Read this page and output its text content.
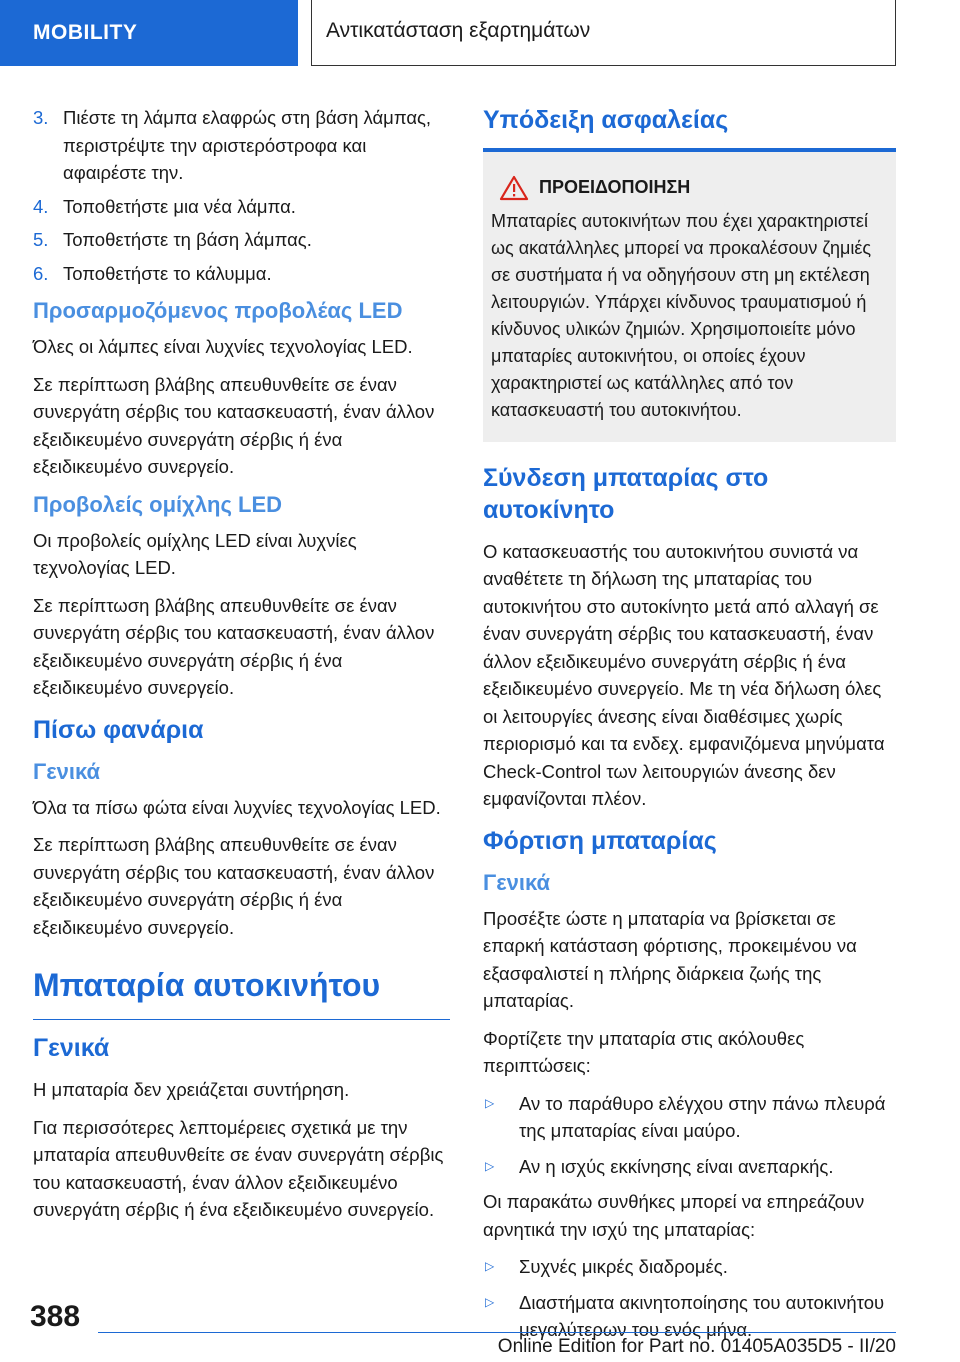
MOBILITY	Αντικατάσταση εξαρτημάτων
3. Πιέστε τη λάμπα ελαφρώς στη βάση λάμπας, περιστρέψτε την αριστερόστροφα και αφαιρέστε την.
4. Τοποθετήστε μια νέα λάμπα.
5. Τοποθετήστε τη βάση λάμπας.
6. Τοποθετήστε το κάλυμμα.
Προσαρμοζόμενος προβολέας LED

Όλες οι λάμπες είναι λυχνίες τεχνολογίας LED.

Σε περίπτωση βλάβης απευθυνθείτε σε έναν συνεργάτη σέρβις του κατασκευαστή, έναν άλλον εξειδικευμένο συνεργάτη σέρβις ή ένα εξειδικευμένο συνεργείο.

Προβολείς ομίχλης LED

Οι προβολείς ομίχλης LED είναι λυχνίες τεχνολογίας LED.

Σε περίπτωση βλάβης απευθυνθείτε σε έναν συνεργάτη σέρβις του κατασκευαστή, έναν άλλον εξειδικευμένο συνεργάτη σέρβις ή ένα εξειδικευμένο συνεργείο.

Πίσω φανάρια
Γενικά

Όλα τα πίσω φώτα είναι λυχνίες τεχνολογίας LED.

Σε περίπτωση βλάβης απευθυνθείτε σε έναν συνεργάτη σέρβις του κατασκευαστή, έναν άλλον εξειδικευμένο συνεργάτη σέρβις ή ένα εξειδικευμένο συνεργείο.

Μπαταρία αυτοκινήτου
Γενικά

Η μπαταρία δεν χρειάζεται συντήρηση.

Για περισσότερες λεπτομέρειες σχετικά με την μπαταρία απευθυνθείτε σε έναν συνεργάτη σέρβις του κατασκευαστή, έναν άλλον εξειδικευμένο συνεργάτη σέρβις ή ένα εξειδικευμένο συνεργείο.

Υπόδειξη ασφαλείας
ΠΡΟΕΙΔΟΠΟΙΗΣΗ
Μπαταρίες αυτοκινήτων που έχει χαρακτηριστεί ως ακατάλληλες μπορεί να προκαλέσουν ζημιές σε συστήματα ή να οδηγήσουν στη μη εκτέλεση λειτουργιών. Υπάρχει κίνδυνος τραυματισμού ή κίνδυνος υλικών ζημιών. Χρησιμοποιείτε μόνο μπαταρίες αυτοκινήτου, οι οποίες έχουν χαρακτηριστεί ως κατάλληλες από τον κατασκευαστή του αυτοκινήτου.
Σύνδεση μπαταρίας στο αυτοκίνητο

Ο κατασκευαστής του αυτοκινήτου συνιστά να αναθέτετε τη δήλωση της μπαταρίας του αυτοκινήτου στο αυτοκίνητο μετά από αλλαγή σε έναν συνεργάτη σέρβις του κατασκευαστή, έναν άλλον εξειδικευμένο συνεργάτη σέρβις ή ένα εξειδικευμένο συνεργείο. Με τη νέα δήλωση όλες οι λειτουργίες άνεσης είναι διαθέσιμες χωρίς περιορισμό και τα ενδεχ. εμφανιζόμενα μηνύματα Check-Control των λειτουργιών άνεσης δεν εμφανίζονται πλέον.

Φόρτιση μπαταρίας
Γενικά

Προσέξτε ώστε η μπαταρία να βρίσκεται σε επαρκή κατάσταση φόρτισης, προκειμένου να εξασφαλιστεί η πλήρης διάρκεια ζωής της μπαταρίας.

Φορτίζετε την μπαταρία στις ακόλουθες περιπτώσεις:

▷	Αν το παράθυρο ελέγχου στην πάνω πλευρά της μπαταρίας είναι μαύρο.
▷	Αν η ισχύς εκκίνησης είναι ανεπαρκής.

Οι παρακάτω συνθήκες μπορεί να επηρεάζουν αρνητικά την ισχύ της μπαταρίας:

▷	Συχνές μικρές διαδρομές.
▷	Διαστήματα ακινητοποίησης του αυτοκινήτου μεγαλύτερων του ενός μήνα.
388
Online Edition for Part no. 01405A035D5 - II/20
